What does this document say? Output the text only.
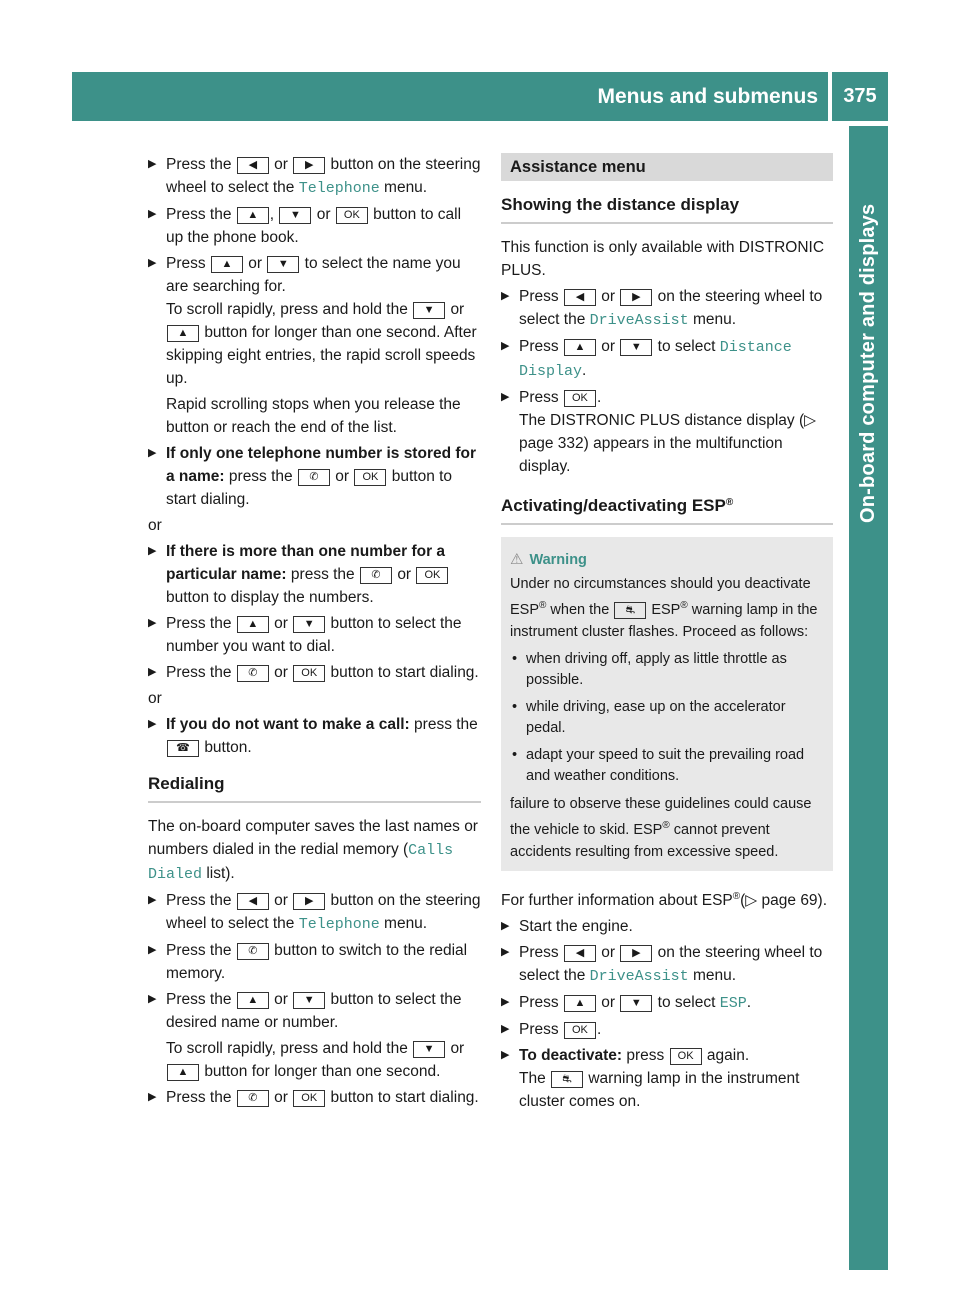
Menus and submenus	375
On-board computer and displays
▶ Press the ◀ or ▶ button on the steering wheel to select the Telephone menu.
▶ Press the ▲ , ▼ or OK button to call up the phone book.
▶ Press ▲ or ▼ to select the name you are searching for.
To scroll rapidly, press and hold the ▼ or ▲ button for longer than one second. After skipping eight entries, the rapid scroll speeds up.
Rapid scrolling stops when you release the button or reach the end of the list.
▶ If only one telephone number is stored for a name: press the ✆ or OK button to start dialing.
or
▶ If there is more than one number for a particular name: press the ✆ or OK button to display the numbers.
▶ Press the ▲ or ▼ button to select the number you want to dial.
▶ Press the ✆ or OK button to start dialing.
or
▶ If you do not want to make a call: press the ☎ button.
Redialing
The on-board computer saves the last names or numbers dialed in the redial memory (Calls Dialed list).
▶ Press the ◀ or ▶ button on the steering wheel to select the Telephone menu.
▶ Press the ✆ button to switch to the redial memory.
▶ Press the ▲ or ▼ button to select the desired name or number.
To scroll rapidly, press and hold the ▼ or ▲ button for longer than one second.
▶ Press the ✆ or OK button to start dialing.
Assistance menu
Showing the distance display
This function is only available with DISTRONIC PLUS.
▶ Press ◀ or ▶ on the steering wheel to select the DriveAssist menu.
▶ Press ▲ or ▼ to select Distance Display.
▶ Press OK .
The DISTRONIC PLUS distance display (▷ page 332) appears in the multifunction display.
Activating/deactivating ESP®
⚠ Warning
Under no circumstances should you deactivate ESP® when the ⛐ ESP® warning lamp in the instrument cluster flashes. Proceed as follows:
• when driving off, apply as little throttle as possible.
• while driving, ease up on the accelerator pedal.
• adapt your speed to suit the prevailing road and weather conditions.
failure to observe these guidelines could cause the vehicle to skid. ESP® cannot prevent accidents resulting from excessive speed.
For further information about ESP®(▷ page 69).
▶ Start the engine.
▶ Press ◀ or ▶ on the steering wheel to select the DriveAssist menu.
▶ Press ▲ or ▼ to select ESP.
▶ Press OK .
▶ To deactivate: press OK again.
The ⛐ warning lamp in the instrument cluster comes on.
